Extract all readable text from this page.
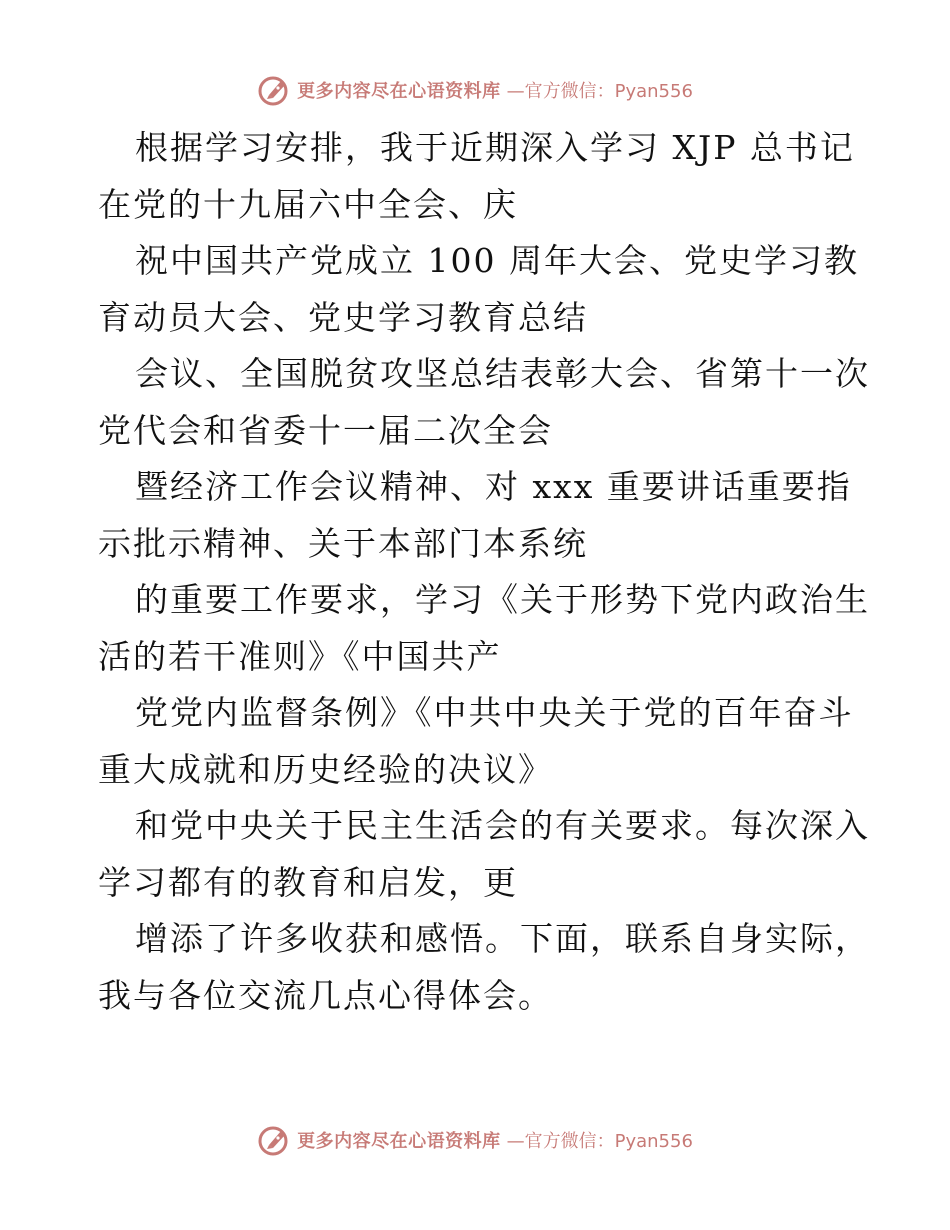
更多内容尽在心语资料库 —官方微信：Pyan556
根据学习安排，我于近期深入学习 XJP 总书记
在党的十九届六中全会、庆
祝中国共产党成立 100 周年大会、党史学习教
育动员大会、党史学习教育总结
会议、全国脱贫攻坚总结表彰大会、省第十一次
党代会和省委十一届二次全会
暨经济工作会议精神、对 xxx 重要讲话重要指
示批示精神、关于本部门本系统
的重要工作要求，学习《关于形势下党内政治生
活的若干准则》《中国共产
党党内监督条例》《中共中央关于党的百年奋斗
重大成就和历史经验的决议》
和党中央关于民主生活会的有关要求。每次深入
学习都有的教育和启发，更
增添了许多收获和感悟。下面，联系自身实际，
我与各位交流几点心得体会。
更多内容尽在心语资料库 —官方微信：Pyan556
